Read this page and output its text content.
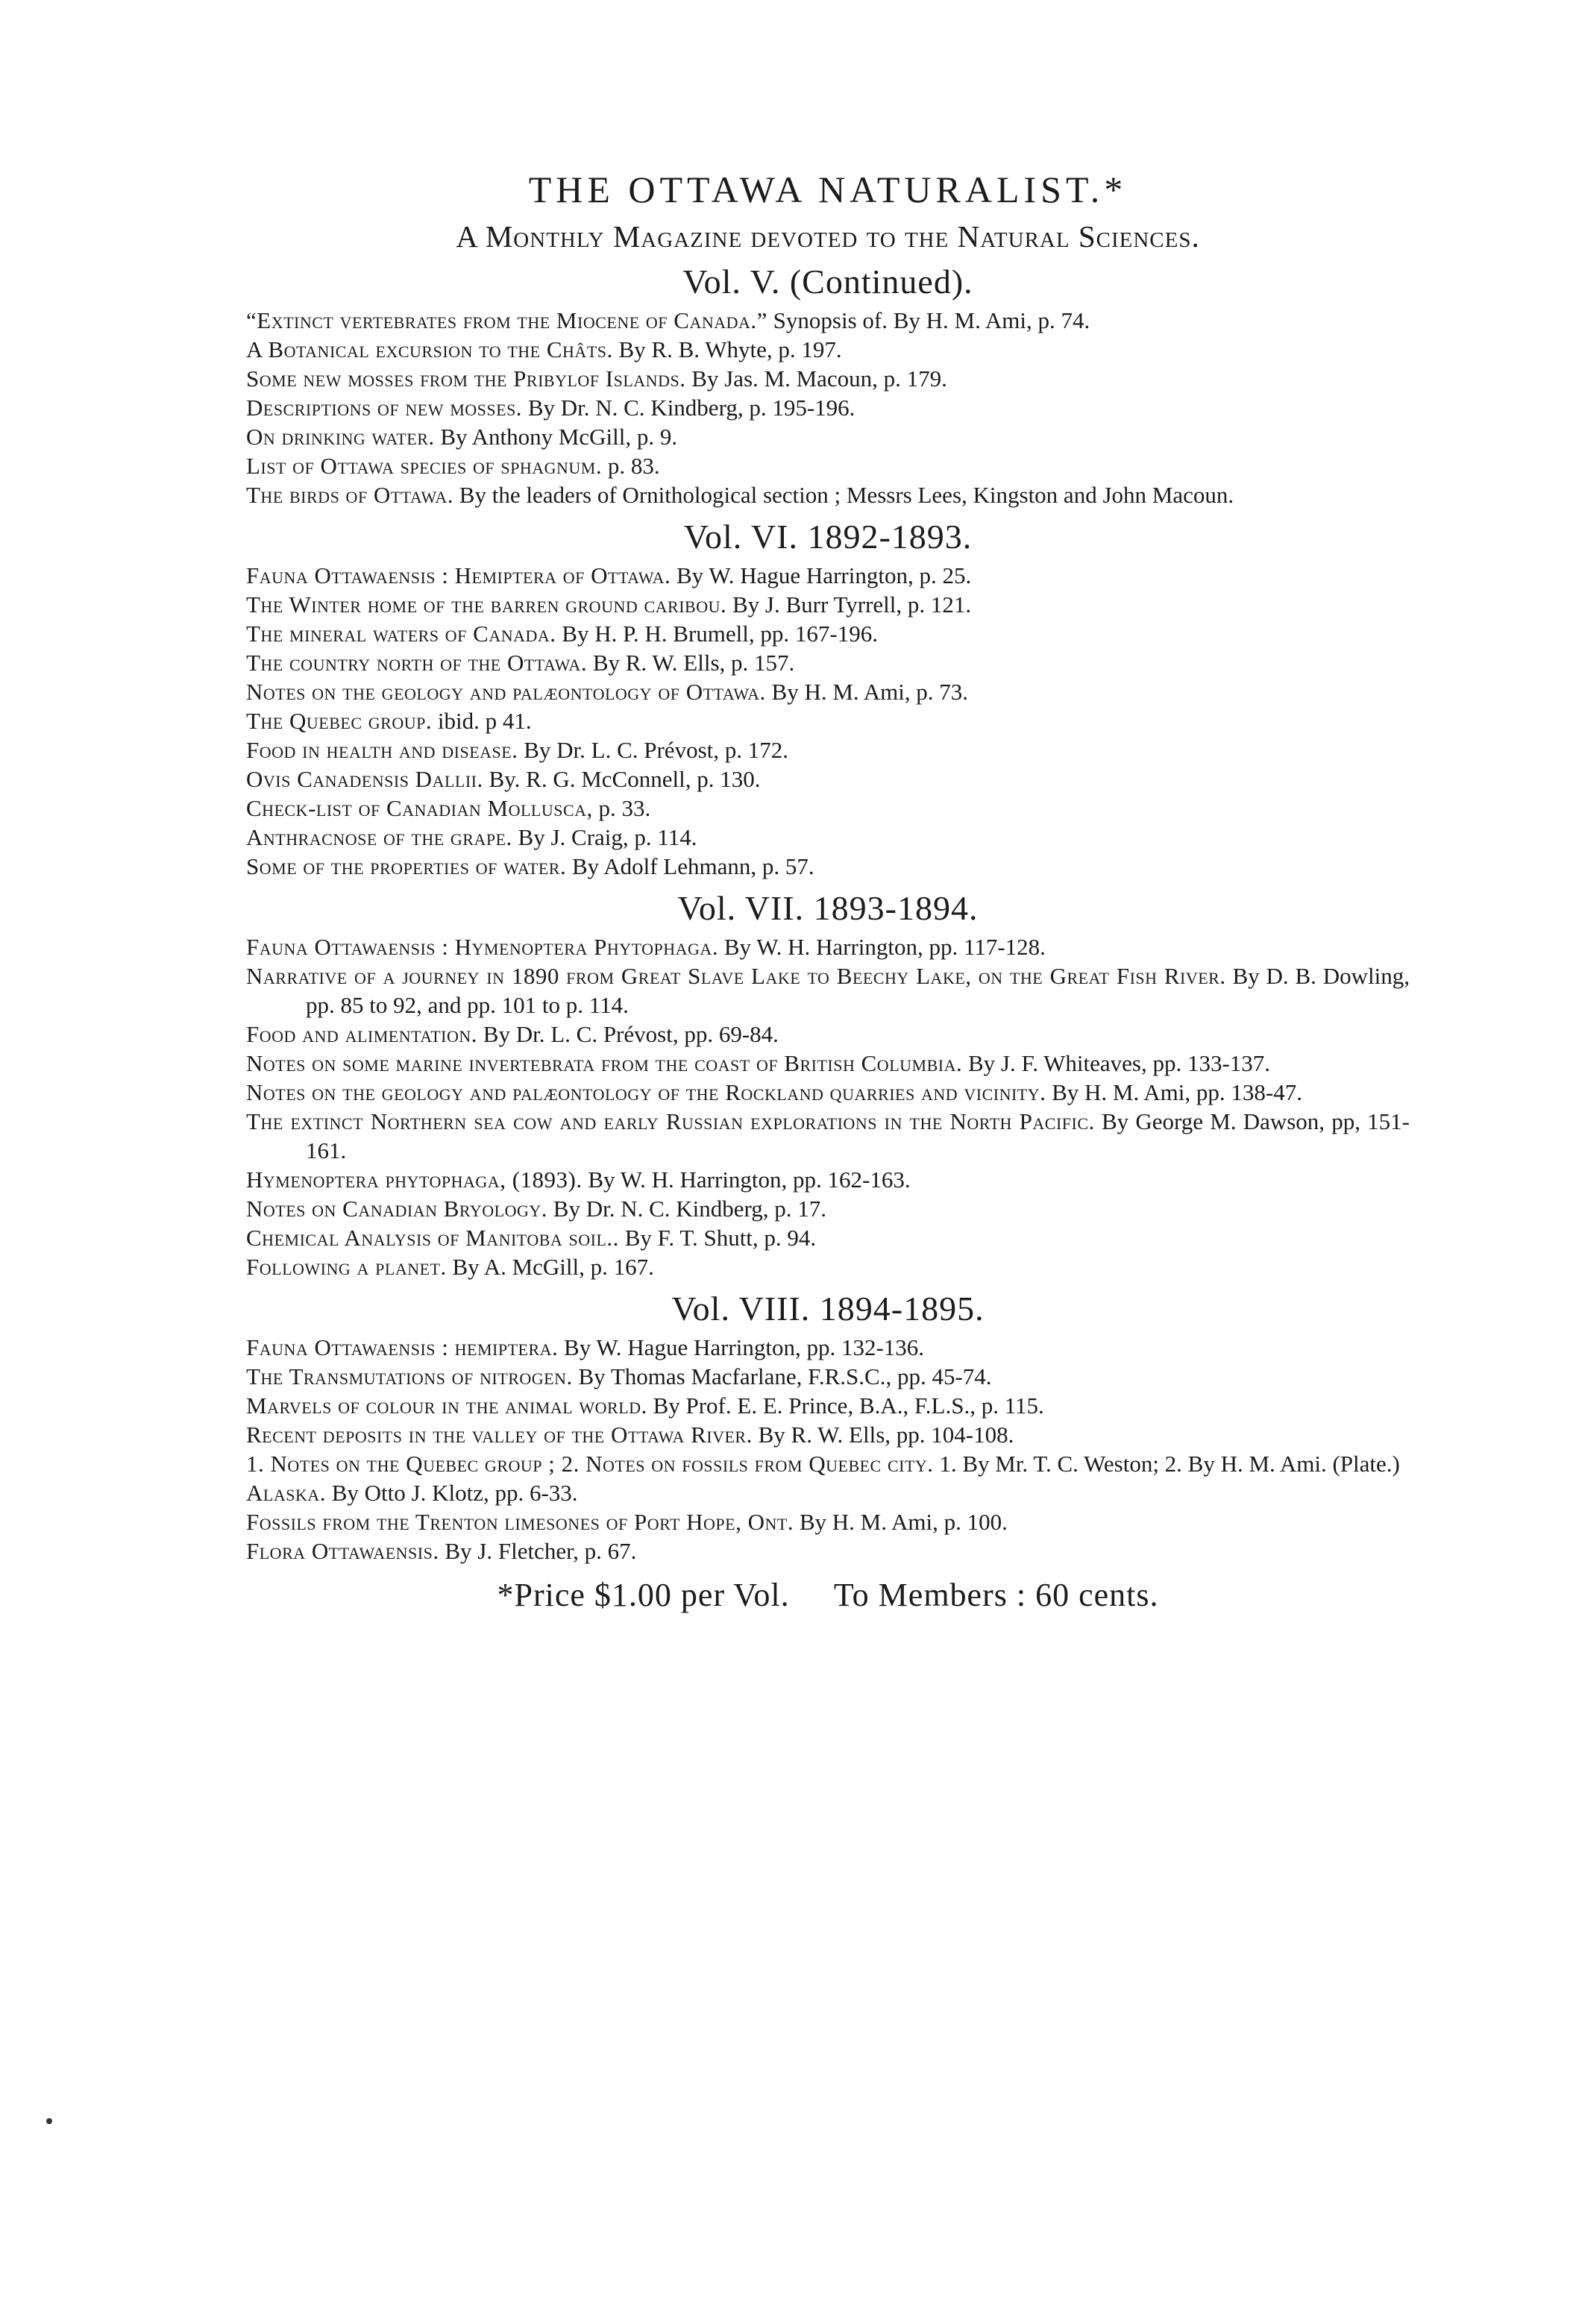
THE OTTAWA NATURALIST.*
A Monthly Magazine devoted to the Natural Sciences.
Vol. V. (Continued).
“Extinct vertebrates from the Miocene of Canada.” Synopsis of. By H. M. Ami, p. 74.
A Botanical excursion to the Châts. By R. B. Whyte, p. 197.
Some new mosses from the Pribylof Islands. By Jas. M. Macoun, p. 179.
Descriptions of new mosses. By Dr. N. C. Kindberg, p. 195-196.
On drinking water. By Anthony McGill, p. 9.
List of Ottawa species of sphagnum. p. 83.
The birds of Ottawa. By the leaders of Ornithological section ; Messrs Lees, Kingston and John Macoun.
Vol. VI. 1892-1893.
Fauna Ottawaensis : Hemiptera of Ottawa. By W. Hague Harrington, p. 25.
The Winter home of the barren ground caribou. By J. Burr Tyrrell, p. 121.
The mineral waters of Canada. By H. P. H. Brumell, pp. 167-196.
The country north of the Ottawa. By R. W. Ells, p. 157.
Notes on the geology and palæontology of Ottawa. By H. M. Ami, p. 73.
The Quebec group. ibid. p 41.
Food in health and disease. By Dr. L. C. Prévost, p. 172.
Ovis Canadensis Dallii. By. R. G. McConnell, p. 130.
Check-list of Canadian Mollusca, p. 33.
Anthracnose of the grape. By J. Craig, p. 114.
Some of the properties of water. By Adolf Lehmann, p. 57.
Vol. VII. 1893-1894.
Fauna Ottawaensis : Hymenoptera Phytophaga. By W. H. Harrington, pp. 117-128.
Narrative of a journey in 1890 from Great Slave Lake to Beechy Lake, on the Great Fish River. By D. B. Dowling, pp. 85 to 92, and pp. 101 to p. 114.
Food and alimentation. By Dr. L. C. Prévost, pp. 69-84.
Notes on some marine invertebrata from the coast of British Columbia. By J. F. Whiteaves, pp. 133-137.
Notes on the geology and palæontology of the Rockland quarries and vicinity. By H. M. Ami, pp. 138-47.
The extinct Northern sea cow and early Russian explorations in the North Pacific. By George M. Dawson, pp, 151-161.
Hymenoptera phytophaga, (1893). By W. H. Harrington, pp. 162-163.
Notes on Canadian Bryology. By Dr. N. C. Kindberg, p. 17.
Chemical Analysis of Manitoba soil.. By F. T. Shutt, p. 94.
Following a planet. By A. McGill, p. 167.
Vol. VIII. 1894-1895.
Fauna Ottawaensis : hemiptera. By W. Hague Harrington, pp. 132-136.
The Transmutations of nitrogen. By Thomas Macfarlane, F.R.S.C., pp. 45-74.
Marvels of colour in the animal world. By Prof. E. E. Prince, B.A., F.L.S., p. 115.
Recent deposits in the valley of the Ottawa River. By R. W. Ells, pp. 104-108.
1. Notes on the Quebec group ; 2. Notes on fossils from Quebec city. 1. By Mr. T. C. Weston; 2. By H. M. Ami. (Plate.)
Alaska. By Otto J. Klotz, pp. 6-33.
Fossils from the Trenton limesones of Port Hope, Ont. By H. M. Ami, p. 100.
Flora Ottawaensis. By J. Fletcher, p. 67.
*Price $1.00 per Vol. To Members : 60 cents.
